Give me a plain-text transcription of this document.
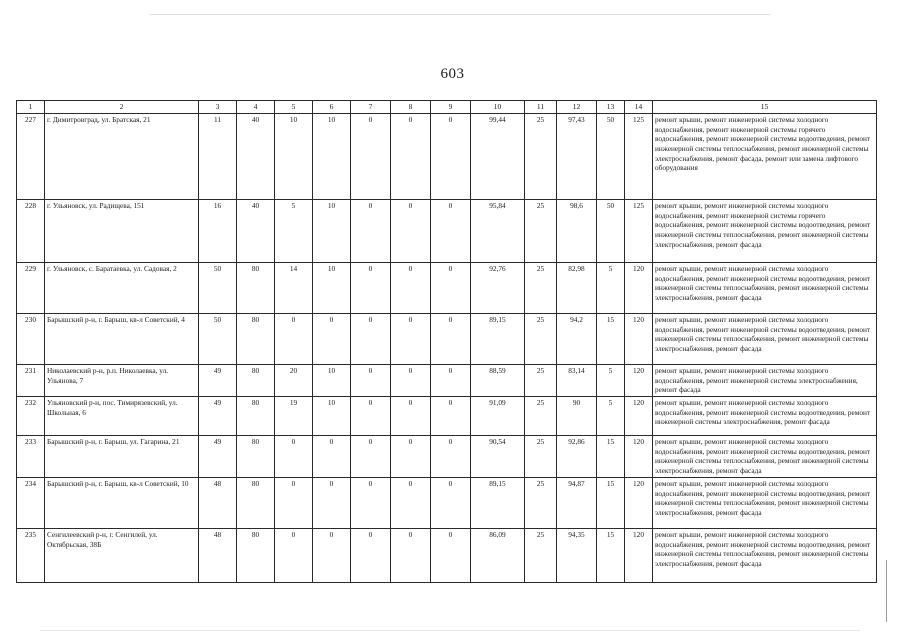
603
1	2	3	4	5	6	7	8	9	10	11	12	13	14	15
227	г. Димитровград, ул. Братская, 21	11	40	10	10	0	0	0	99,44	25	97,43	50	125	ремонт крыши, ремонт инженерной системы холодного водоснабжения, ремонт инженерной системы горячего водоснабжения, ремонт инженерной системы водоотведения, ремонт инженерной системы теплоснабжения, ремонт инженерной системы электроснабжения, ремонт фасада, ремонт или замена лифтового оборудования
228	г. Ульяновск, ул. Радищева, 151	16	40	5	10	0	0	0	95,84	25	98,6	50	125	ремонт крыши, ремонт инженерной системы холодного водоснабжения, ремонт инженерной системы горячего водоснабжения, ремонт инженерной системы водоотведения, ремонт инженерной системы теплоснабжения, ремонт инженерной системы электроснабжения, ремонт фасада
229	г. Ульяновск, с. Баратаевка, ул. Садовая, 2	50	80	14	10	0	0	0	92,76	25	82,98	5	120	ремонт крыши, ремонт инженерной системы холодного водоснабжения, ремонт инженерной системы водоотведения, ремонт инженерной системы теплоснабжения, ремонт инженерной системы электроснабжения, ремонт фасада
230	Барышский р-н, г. Барыш, кв-л Советский, 4	50	80	0	0	0	0	0	89,15	25	94,2	15	120	ремонт крыши, ремонт инженерной системы холодного водоснабжения, ремонт инженерной системы водоотведения, ремонт инженерной системы теплоснабжения, ремонт инженерной системы электроснабжения, ремонт фасада
231	Николаевский р-н, р.п. Николаевка, ул. Ульянова, 7	49	80	20	10	0	0	0	88,59	25	83,14	5	120	ремонт крыши, ремонт инженерной системы холодного водоснабжения, ремонт инженерной системы электроснабжения, ремонт фасада
232	Ульяновский р-н, пос. Тимирязевский, ул. Школьная, 6	49	80	19	10	0	0	0	91,09	25	90	5	120	ремонт крыши, ремонт инженерной системы холодного водоснабжения, ремонт инженерной системы водоотведения, ремонт инженерной системы электроснабжения, ремонт фасада
233	Барышский р-н, г. Барыш, ул. Гагарина, 21	49	80	0	0	0	0	0	90,54	25	92,86	15	120	ремонт крыши, ремонт инженерной системы холодного водоснабжения, ремонт инженерной системы водоотведения, ремонт инженерной системы теплоснабжения, ремонт инженерной системы электроснабжения, ремонт фасада
234	Барышский р-н, г. Барыш, кв-л Советский, 10	48	80	0	0	0	0	0	89,15	25	94,87	15	120	ремонт крыши, ремонт инженерной системы холодного водоснабжения, ремонт инженерной системы водоотведения, ремонт инженерной системы теплоснабжения, ремонт инженерной системы электроснабжения, ремонт фасада
235	Сенгилеевский р-н, г. Сенгилей, ул. Октябрьская, 38Б	48	80	0	0	0	0	0	86,09	25	94,35	15	120	ремонт крыши, ремонт инженерной системы холодного водоснабжения, ремонт инженерной системы водоотведения, ремонт инженерной системы теплоснабжения, ремонт инженерной системы электроснабжения, ремонт фасада
